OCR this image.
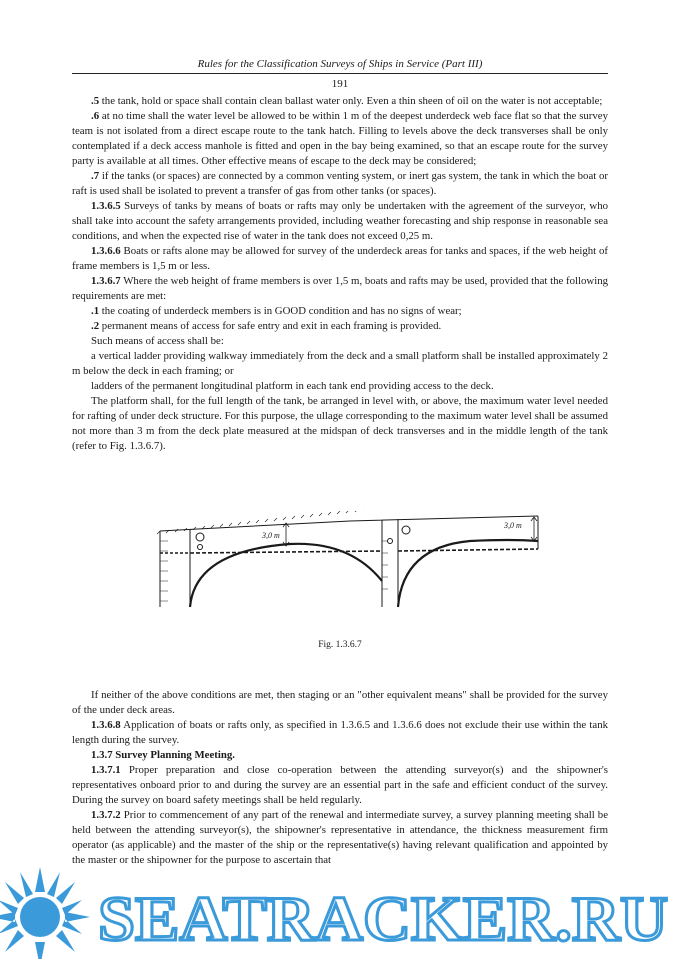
Rules for the Classification Surveys of Ships in Service (Part III)
191

.5 the tank, hold or space shall contain clean ballast water only. Even a thin sheen of oil on the water is not acceptable;

.6 at no time shall the water level be allowed to be within 1 m of the deepest underdeck web face flat so that the survey team is not isolated from a direct escape route to the tank hatch. Filling to levels above the deck transverses shall be only contemplated if a deck access manhole is fitted and open in the bay being examined, so that an escape route for the survey party is available at all times. Other effective means of escape to the deck may be considered;

.7 if the tanks (or spaces) are connected by a common venting system, or inert gas system, the tank in which the boat or raft is used shall be isolated to prevent a transfer of gas from other tanks (or spaces).

1.3.6.5 Surveys of tanks by means of boats or rafts may only be undertaken with the agreement of the surveyor, who shall take into account the safety arrangements provided, including weather forecasting and ship response in reasonable sea conditions, and when the expected rise of water in the tank does not exceed 0,25 m.

1.3.6.6 Boats or rafts alone may be allowed for survey of the underdeck areas for tanks and spaces, if the web height of frame members is 1,5 m or less.

1.3.6.7 Where the web height of frame members is over 1,5 m, boats and rafts may be used, provided that the following requirements are met:

.1 the coating of underdeck members is in GOOD condition and has no signs of wear;

.2 permanent means of access for safe entry and exit in each framing is provided.

Such means of access shall be:

a vertical ladder providing walkway immediately from the deck and a small platform shall be installed approximately 2 m below the deck in each framing; or

ladders of the permanent longitudinal platform in each tank end providing access to the deck.

The platform shall, for the full length of the tank, be arranged in level with, or above, the maximum water level needed for rafting of under deck structure. For this purpose, the ullage corresponding to the maximum water level shall be assumed not more than 3 m from the deck plate measured at the midspan of deck transverses and in the middle length of the tank (refer to Fig. 1.3.6.7).

3,0 m
3,0 m
Fig. 1.3.6.7

If neither of the above conditions are met, then staging or an "other equivalent means" shall be provided for the survey of the under deck areas.

1.3.6.8 Application of boats or rafts only, as specified in 1.3.6.5 and 1.3.6.6 does not exclude their use within the tank length during the survey.

1.3.7 Survey Planning Meeting.

1.3.7.1 Proper preparation and close co-operation between the attending surveyor(s) and the shipowner's representatives onboard prior to and during the survey are an essential part in the safe and efficient conduct of the survey. During the survey on board safety meetings shall be held regularly.

1.3.7.2 Prior to commencement of any part of the renewal and intermediate survey, a survey planning meeting shall be held between the attending surveyor(s), the shipowner's representative in attendance, the thickness measurement firm operator (as applicable) and the master of the ship or the representative(s) having relevant qualification and appointed by the master or the shipowner for the purpose to ascertain that

SEATRACKER.RU
